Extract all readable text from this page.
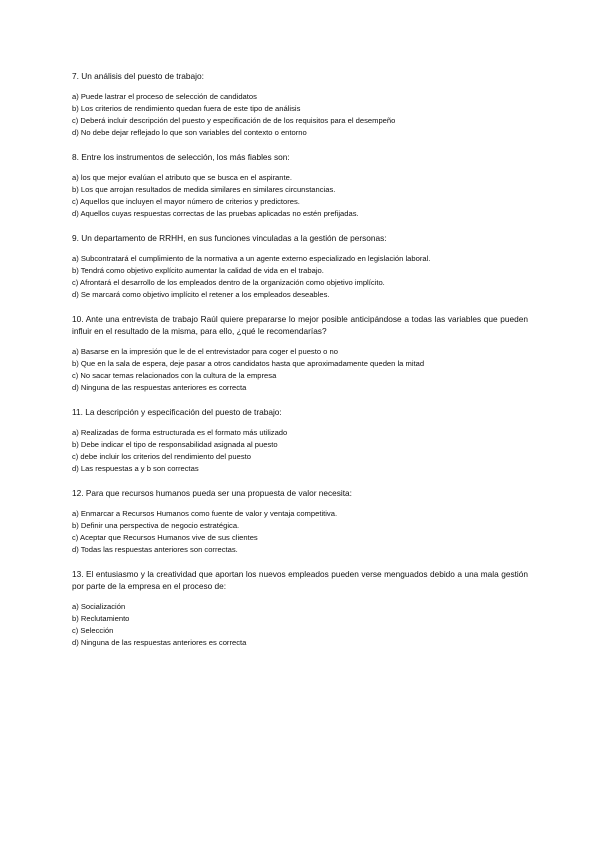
7. Un análisis del puesto de trabajo:

a) Puede lastrar el proceso de selección de candidatos
b) Los criterios de rendimiento quedan fuera de este tipo de análisis
c) Deberá incluir descripción del puesto y especificación de de los requisitos para el desempeño
d) No debe dejar reflejado lo que son variables del contexto o entorno

8. Entre los instrumentos de selección, los más fiables son:

a) los que mejor evalúan el atributo que se busca en el aspirante.
b) Los que arrojan resultados de medida similares en similares circunstancias.
c) Aquellos que incluyen el mayor número de criterios y predictores.
d) Aquellos cuyas respuestas correctas de las pruebas aplicadas no estén prefijadas.

9. Un departamento de RRHH, en sus funciones vinculadas a la gestión de personas:

a) Subcontratará el cumplimiento de la normativa a un agente externo especializado en legislación laboral.
b) Tendrá como objetivo explícito aumentar la calidad de vida en el trabajo.
c) Afrontará el desarrollo de los empleados dentro de la organización como objetivo implícito.
d) Se marcará como objetivo implícito el retener a los empleados deseables.

10. Ante una entrevista de trabajo Raúl quiere prepararse lo mejor posible anticipándose a todas las variables que pueden influir en el resultado de la misma, para ello, ¿qué le recomendarías?

a) Basarse en la impresión que le de el entrevistador para coger el puesto o no
b) Que en la sala de espera, deje pasar a otros candidatos hasta que aproximadamente queden la mitad
c) No sacar temas relacionados con la cultura de la empresa
d) Ninguna de las respuestas anteriores es correcta

11. La descripción y especificación del puesto de trabajo:

a) Realizadas de forma estructurada es el formato más utilizado
b) Debe indicar el tipo de responsabilidad asignada al puesto
c) debe incluir los criterios del rendimiento del puesto
d) Las respuestas a y b son correctas

12. Para que recursos humanos pueda ser una propuesta de valor necesita:

a) Enmarcar a Recursos Humanos como fuente de valor y ventaja competitiva.
b) Definir una perspectiva de negocio estratégica.
c) Aceptar que Recursos Humanos vive de sus clientes
d) Todas las respuestas anteriores son correctas.

13. El entusiasmo y la creatividad que aportan los nuevos empleados pueden verse menguados debido a una mala gestión por parte de la empresa en el proceso de:

a) Socialización
b) Reclutamiento
c) Selección
d) Ninguna de las respuestas anteriores es correcta
